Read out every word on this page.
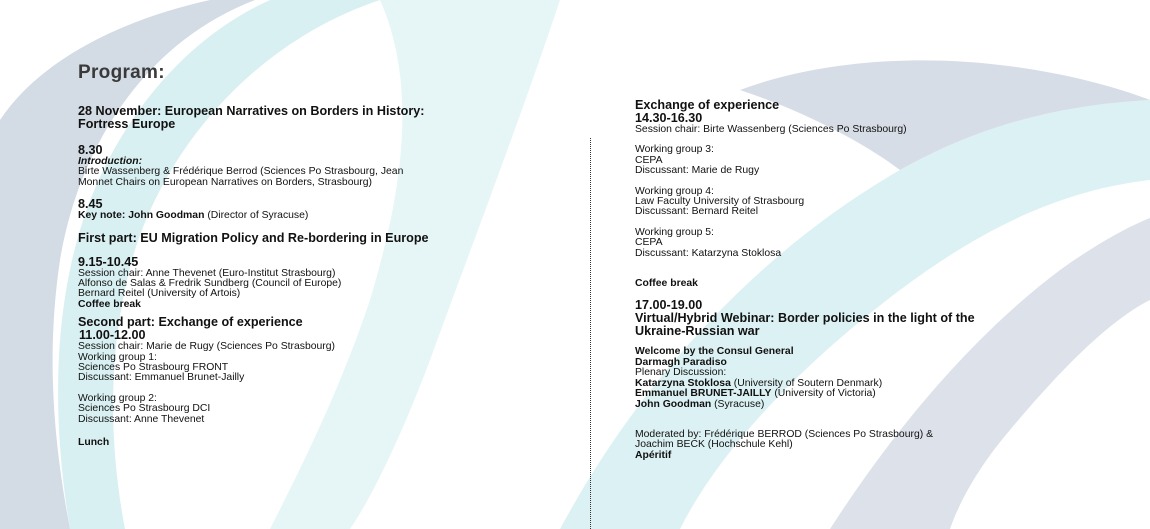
Program:
28 November: European Narratives on Borders in History:
Fortress Europe
8.30
Introduction:
Birte Wassenberg & Frédérique Berrod (Sciences Po Strasbourg, Jean
Monnet Chairs on European Narratives on Borders, Strasbourg)
8.45
Key note: John Goodman (Director of Syracuse)
First part: EU Migration Policy and Re-bordering in Europe
9.15-10.45
Session chair: Anne Thevenet (Euro-Institut Strasbourg)
Alfonso de Salas & Fredrik Sundberg (Council of Europe)
Bernard Reitel (University of Artois)
Coffee break
Second part: Exchange of experience
11.00-12.00
Session chair: Marie de Rugy (Sciences Po Strasbourg)
Working group 1:
Sciences Po Strasbourg FRONT
Discussant: Emmanuel Brunet-Jailly
Working group 2:
Sciences Po Strasbourg DCI
Discussant: Anne Thevenet
Lunch
Exchange of experience
14.30-16.30
Session chair: Birte Wassenberg (Sciences Po Strasbourg)
Working group 3:
CEPA
Discussant: Marie de Rugy
Working group 4:
Law Faculty University of Strasbourg
Discussant: Bernard Reitel
Working group 5:
CEPA
Discussant: Katarzyna Stoklosa
Coffee break
17.00-19.00
Virtual/Hybrid Webinar: Border policies in the light of the
Ukraine-Russian war
Welcome by the Consul General
Darmagh Paradiso
Plenary Discussion:
Katarzyna Stoklosa (University of Soutern Denmark)
Emmanuel BRUNET-JAILLY (University of Victoria)
John Goodman (Syracuse)
Moderated by: Frédérique BERROD (Sciences Po Strasbourg) &
Joachim BECK (Hochschule Kehl)
Apéritif
